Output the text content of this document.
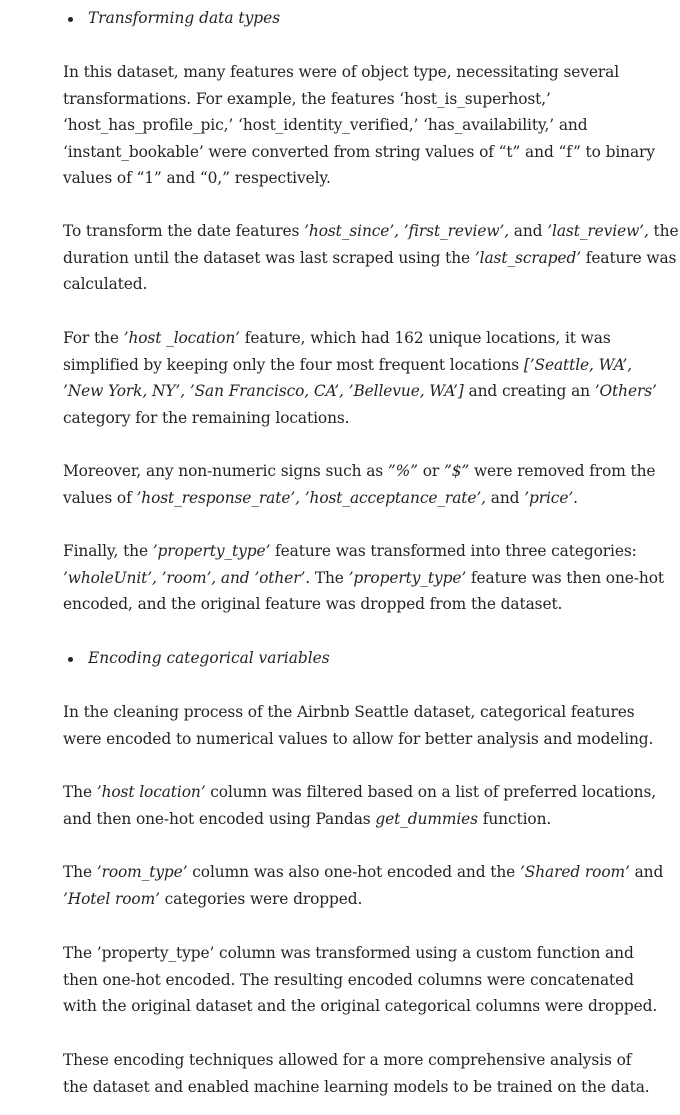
Transforming data types

In this dataset, many features were of object type, necessitating several
transformations. For example, the features ‘host_is_superhost,’
‘host_has_profile_pic,’ ‘host_identity_verified,’ ‘has_availability,’ and
‘instant_bookable’ were converted from string values of “t” and “f” to binary
values of “1” and “0,” respectively.

To transform the date features ’host_since’, ’first_review’, and ’last_review’, the
duration until the dataset was last scraped using the ’last_scraped’ feature was
calculated.

For the ’host _location’ feature, which had 162 unique locations, it was
simplified by keeping only the four most frequent locations [’Seattle, WA’,
’New York, NY’, ’San Francisco, CA’, ’Bellevue, WA’] and creating an ’Others’
category for the remaining locations.

Moreover, any non-numeric signs such as ”%” or ”$” were removed from the
values of ’host_response_rate’, ’host_acceptance_rate’, and ’price’.

Finally, the ’property_type’ feature was transformed into three categories:
’wholeUnit’, ’room’, and ’other’. The ’property_type’ feature was then one-hot
encoded, and the original feature was dropped from the dataset.

Encoding categorical variables

In the cleaning process of the Airbnb Seattle dataset, categorical features
were encoded to numerical values to allow for better analysis and modeling.

The ’host location’ column was filtered based on a list of preferred locations,
and then one-hot encoded using Pandas get_dummies function.

The ’room_type’ column was also one-hot encoded and the ’Shared room’ and
’Hotel room’ categories were dropped.

The ’property_type’ column was transformed using a custom function and
then one-hot encoded. The resulting encoded columns were concatenated
with the original dataset and the original categorical columns were dropped.

These encoding techniques allowed for a more comprehensive analysis of
the dataset and enabled machine learning models to be trained on the data.
